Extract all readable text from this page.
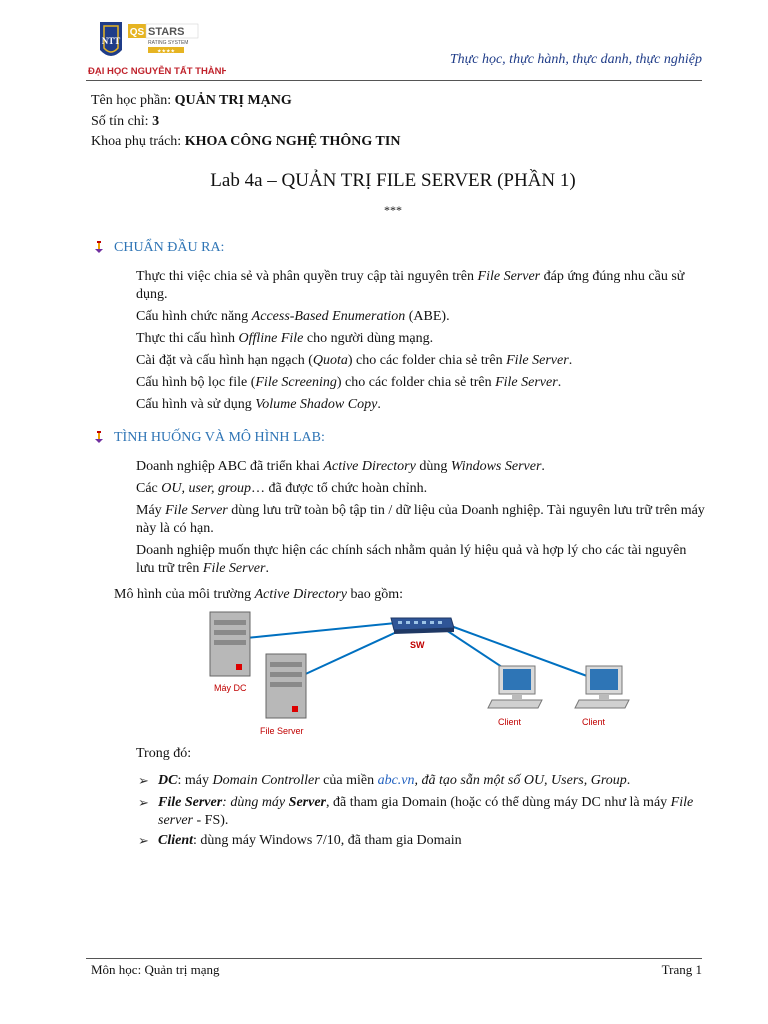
NTT
QS STARS
RATING SYSTEM
★★★★
ĐẠI HỌC NGUYỄN TẤT THÀNH
Thực học, thực hành, thực danh, thực nghiệp
Tên học phần: QUẢN TRỊ MẠNG
Số tín chỉ: 3
Khoa phụ trách: KHOA CÔNG NGHỆ THÔNG TIN
Lab 4a – QUẢN TRỊ FILE SERVER (PHẦN 1)
***
CHUẨN ĐẦU RA:
Thực thi việc chia sẻ và phân quyền truy cập tài nguyên trên File Server đáp ứng đúng nhu cầu sử dụng.
Cấu hình chức năng Access-Based Enumeration (ABE).
Thực thi cấu hình Offline File cho người dùng mạng.
Cài đặt và cấu hình hạn ngạch (Quota) cho các folder chia sẻ trên File Server.
Cấu hình bộ lọc file (File Screening) cho các folder chia sẻ trên File Server.
Cấu hình và sử dụng Volume Shadow Copy.
TÌNH HUỐNG VÀ MÔ HÌNH LAB:
Doanh nghiệp ABC đã triển khai Active Directory dùng Windows Server.
Các OU, user, group… đã được tổ chức hoàn chỉnh.
Máy File Server dùng lưu trữ toàn bộ tập tin / dữ liệu của Doanh nghiệp. Tài nguyên lưu trữ trên máy này là có hạn.
Doanh nghiệp muốn thực hiện các chính sách nhằm quản lý hiệu quả và hợp lý cho các tài nguyên lưu trữ trên File Server.
Mô hình của môi trường Active Directory bao gồm:
Máy DC
File Server
SW
Client	Client
Trong đó:
➢ DC: máy Domain Controller của miền abc.vn, đã tạo sẵn một số OU, Users, Group.
➢ File Server: dùng máy Server, đã tham gia Domain (hoặc có thể dùng máy DC như là máy File server - FS).
➢ Client: dùng máy Windows 7/10, đã tham gia Domain
Môn học: Quản trị mạng	Trang 1
